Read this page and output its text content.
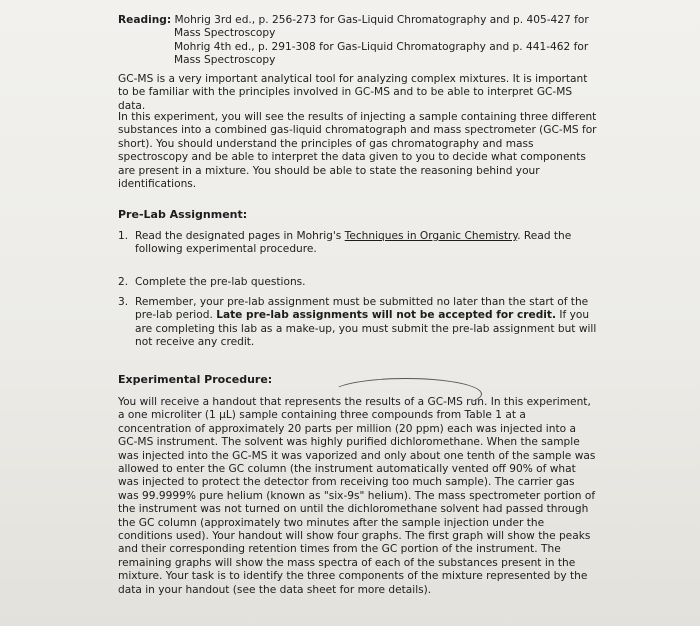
Reading: Mohrig 3rd ed., p. 256-273 for Gas-Liquid Chromatography and p. 405-427 for
Mass Spectroscopy
Mohrig 4th ed., p. 291-308 for Gas-Liquid Chromatography and p. 441-462 for
Mass Spectroscopy
GC-MS is a very important analytical tool for analyzing complex mixtures. It is important to be familiar with the principles involved in GC-MS and to be able to interpret GC-MS data.
In this experiment, you will see the results of injecting a sample containing three different substances into a combined gas-liquid chromatograph and mass spectrometer (GC-MS for short). You should understand the principles of gas chromatography and mass spectroscopy and be able to interpret the data given to you to decide what components are present in a mixture. You should be able to state the reasoning behind your identifications.
Pre-Lab Assignment:
1. Read the designated pages in Mohrig's Techniques in Organic Chemistry. Read the following experimental procedure.
2. Complete the pre-lab questions.
3. Remember, your pre-lab assignment must be submitted no later than the start of the pre-lab period. Late pre-lab assignments will not be accepted for credit. If you are completing this lab as a make-up, you must submit the pre-lab assignment but will not receive any credit.
Experimental Procedure:
You will receive a handout that represents the results of a GC-MS run. In this experiment, a one microliter (1 µL) sample containing three compounds from Table 1 at a concentration of approximately 20 parts per million (20 ppm) each was injected into a GC-MS instrument. The solvent was highly purified dichloromethane. When the sample was injected into the GC-MS it was vaporized and only about one tenth of the sample was allowed to enter the GC column (the instrument automatically vented off 90% of what was injected to protect the detector from receiving too much sample). The carrier gas was 99.9999% pure helium (known as "six-9s" helium). The mass spectrometer portion of the instrument was not turned on until the dichloromethane solvent had passed through the GC column (approximately two minutes after the sample injection under the conditions used). Your handout will show four graphs. The first graph will show the peaks and their corresponding retention times from the GC portion of the instrument. The remaining graphs will show the mass spectra of each of the substances present in the mixture. Your task is to identify the three components of the mixture represented by the data in your handout (see the data sheet for more details).
